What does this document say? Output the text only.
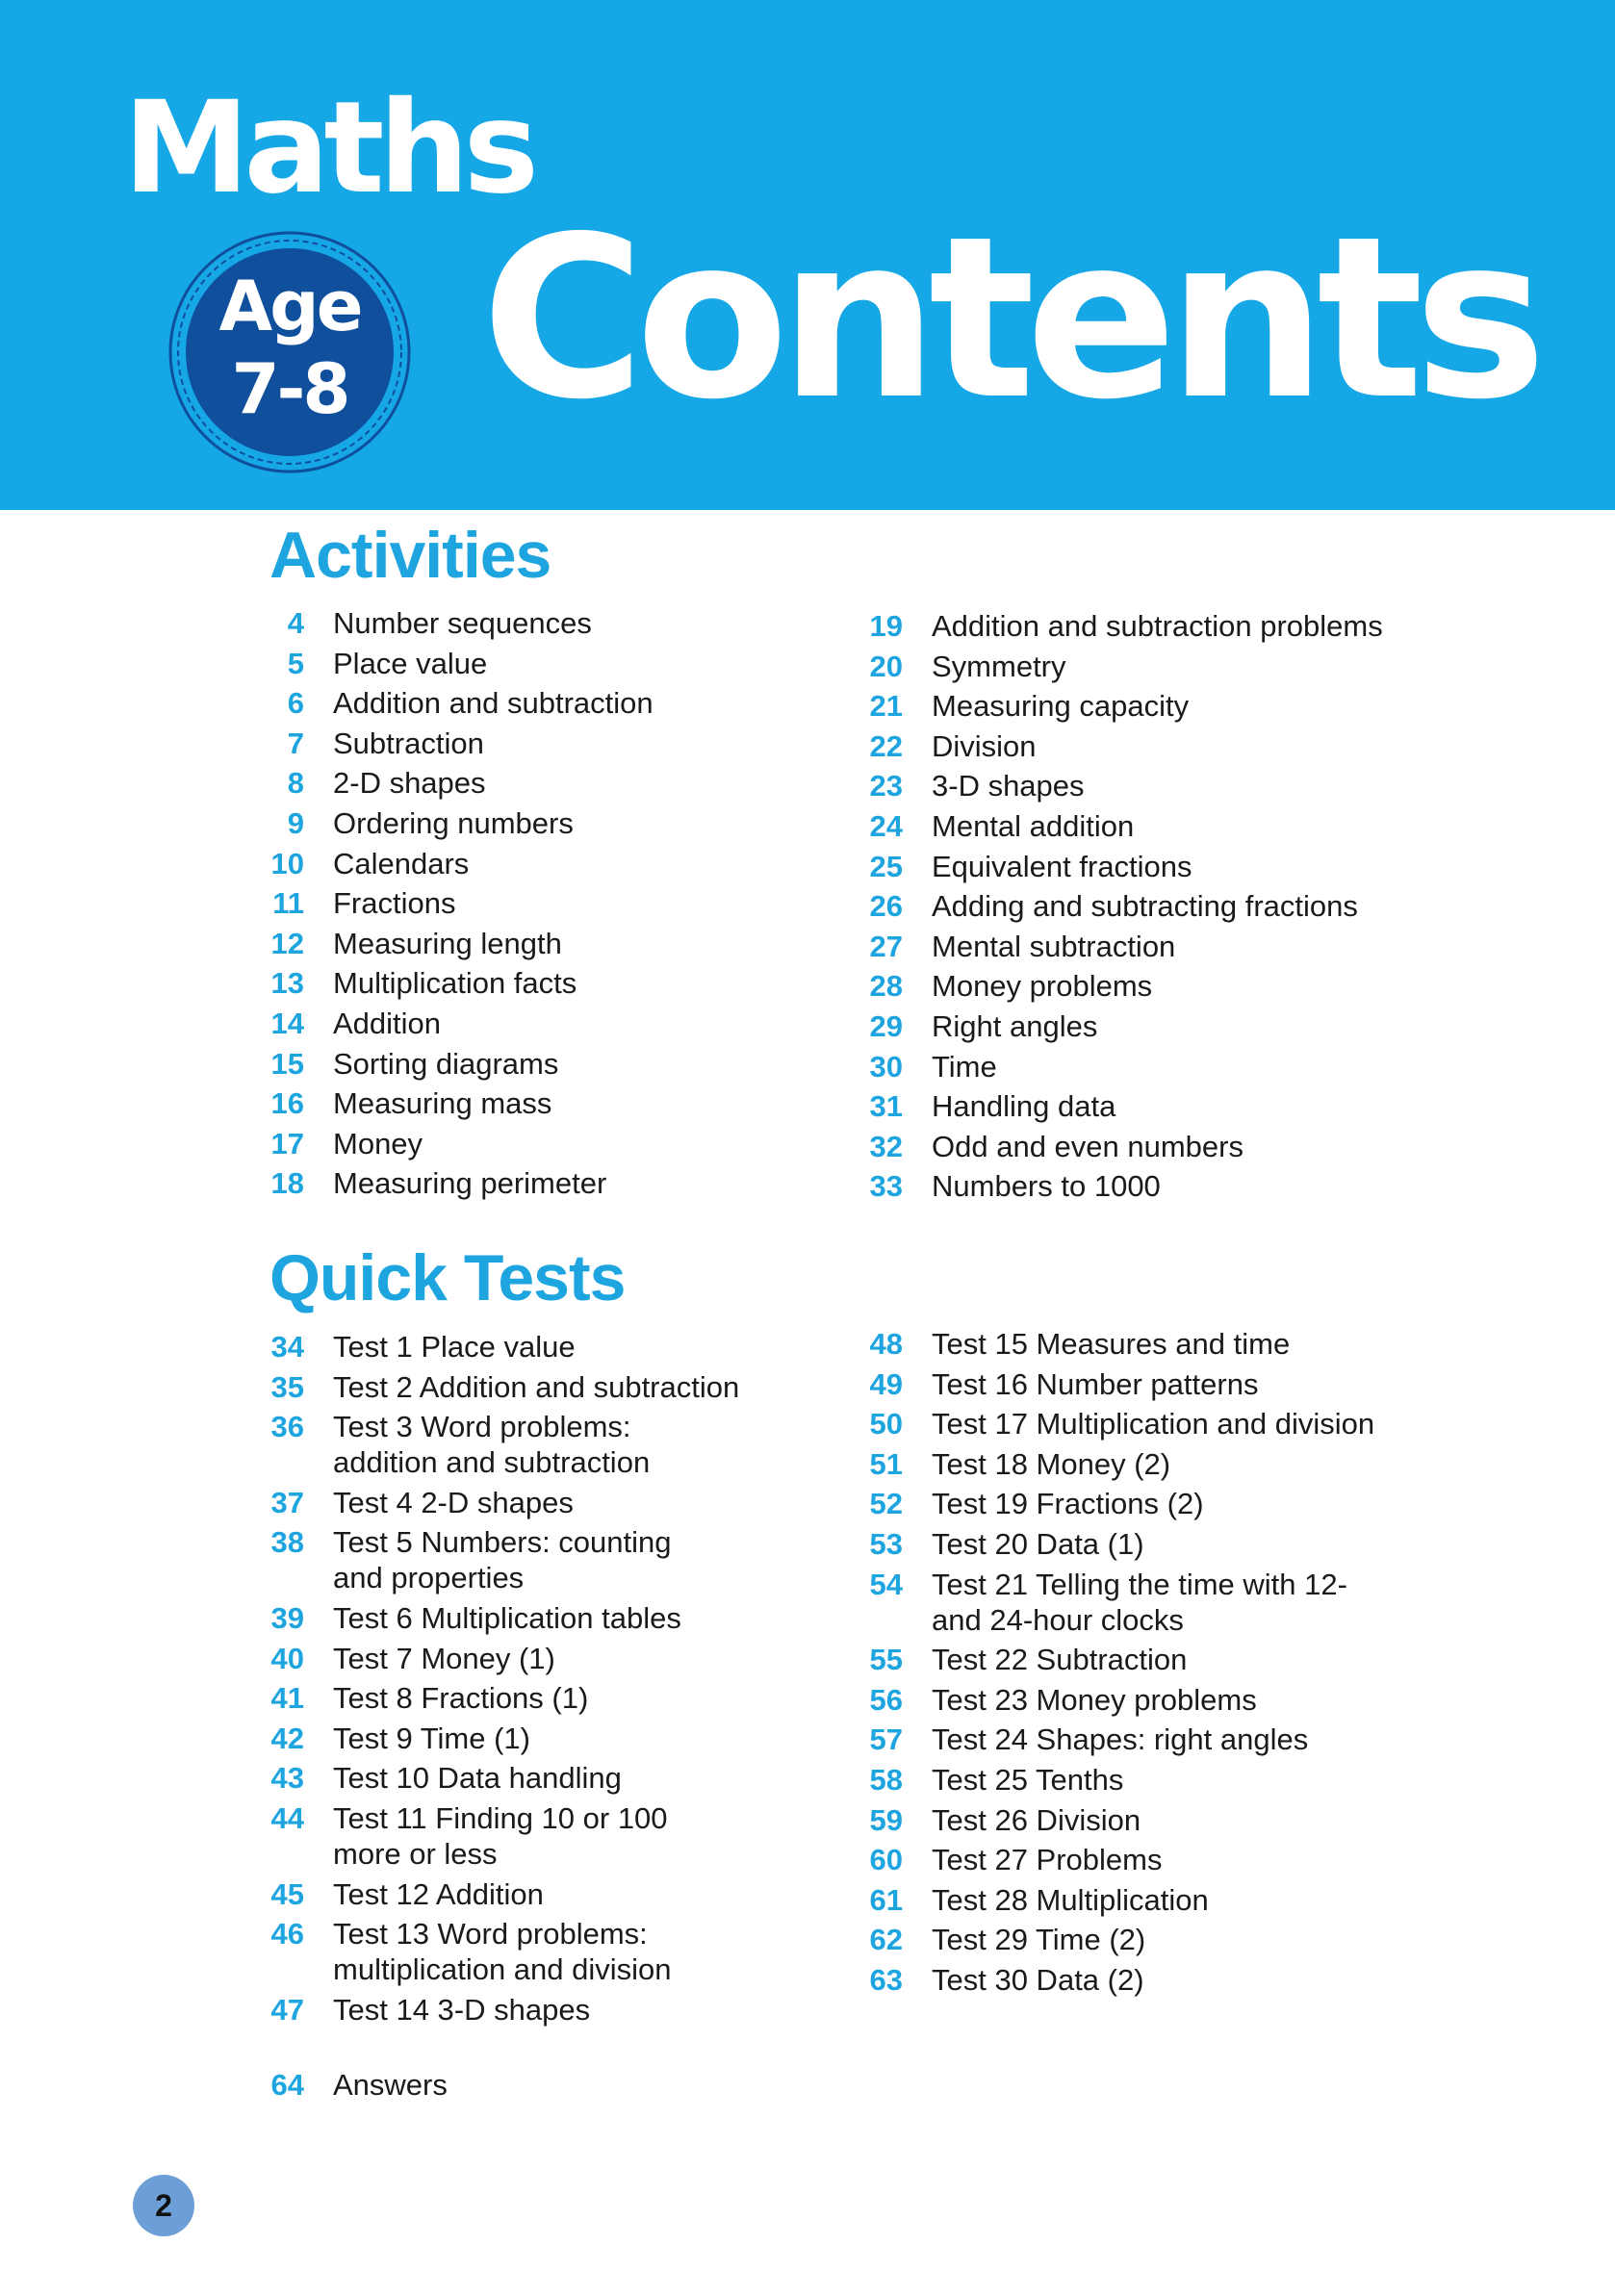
Maths
Age
7-8 Contents
Activities
4 Number sequences
5 Place value
6 Addition and subtraction
7 Subtraction
8 2-D shapes
9 Ordering numbers
10 Calendars
11 Fractions
12 Measuring length
13 Multiplication facts
14 Addition
15 Sorting diagrams
16 Measuring mass
17 Money
18 Measuring perimeter
19 Addition and subtraction problems
20 Symmetry
21 Measuring capacity
22 Division
23 3-D shapes
24 Mental addition
25 Equivalent fractions
26 Adding and subtracting fractions
27 Mental subtraction
28 Money problems
29 Right angles
30 Time
31 Handling data
32 Odd and even numbers
33 Numbers to 1000
Quick Tests
34 Test 1 Place value
35 Test 2 Addition and subtraction
36 Test 3 Word problems:
addition and subtraction
37 Test 4 2-D shapes
38 Test 5 Numbers: counting
and properties
39 Test 6 Multiplication tables
40 Test 7 Money (1)
41 Test 8 Fractions (1)
42 Test 9 Time (1)
43 Test 10 Data handling
44 Test 11 Finding 10 or 100
more or less
45 Test 12 Addition
46 Test 13 Word problems:
multiplication and division
47 Test 14 3-D shapes
48 Test 15 Measures and time
49 Test 16 Number patterns
50 Test 17 Multiplication and division
51 Test 18 Money (2)
52 Test 19 Fractions (2)
53 Test 20 Data (1)
54 Test 21 Telling the time with 12-
and 24-hour clocks
55 Test 22 Subtraction
56 Test 23 Money problems
57 Test 24 Shapes: right angles
58 Test 25 Tenths
59 Test 26 Division
60 Test 27 Problems
61 Test 28 Multiplication
62 Test 29 Time (2)
63 Test 30 Data (2)
64 Answers
2
